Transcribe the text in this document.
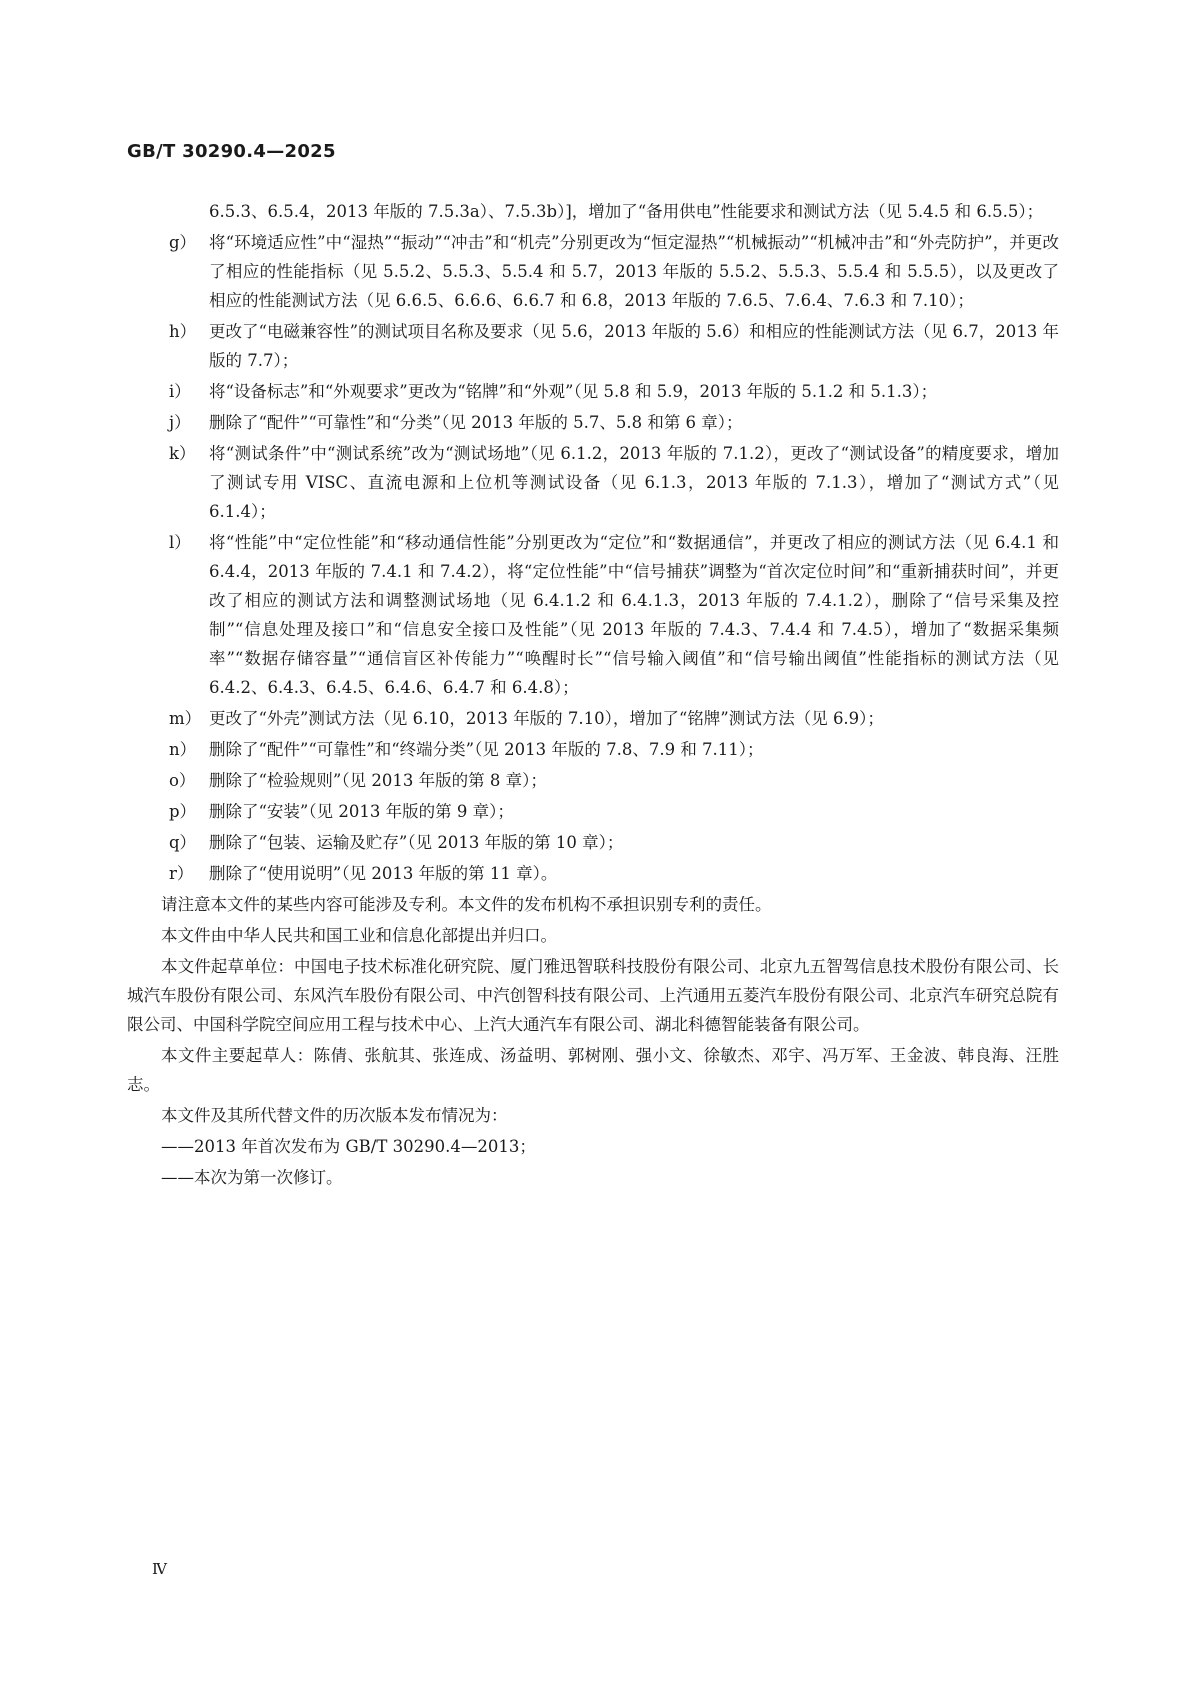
GB/T 30290.4—2025
6.5.3、6.5.4，2013 年版的 7.5.3a）、7.5.3b）]，增加了“备用供电”性能要求和测试方法（见 5.4.5 和 6.5.5）；
g） 将“环境适应性”中“湿热”“振动”“冲击”和“机壳”分别更改为“恒定湿热”“机械振动”“机械冲击”和“外壳防护”，并更改了相应的性能指标（见 5.5.2、5.5.3、5.5.4 和 5.7，2013 年版的 5.5.2、5.5.3、5.5.4 和 5.5.5），以及更改了相应的性能测试方法（见 6.6.5、6.6.6、6.6.7 和 6.8，2013 年版的 7.6.5、7.6.4、7.6.3 和 7.10）；
h） 更改了“电磁兼容性”的测试项目名称及要求（见 5.6，2013 年版的 5.6）和相应的性能测试方法（见 6.7，2013 年版的 7.7）；
i） 将“设备标志”和“外观要求”更改为“铭牌”和“外观”（见 5.8 和 5.9，2013 年版的 5.1.2 和 5.1.3）；
j） 删除了“配件”“可靠性”和“分类”（见 2013 年版的 5.7、5.8 和第 6 章）；
k） 将“测试条件”中“测试系统”改为“测试场地”（见 6.1.2，2013 年版的 7.1.2），更改了“测试设备”的精度要求，增加了测试专用 VISC、直流电源和上位机等测试设备（见 6.1.3，2013 年版的 7.1.3），增加了“测试方式”（见 6.1.4）；
l） 将“性能”中“定位性能”和“移动通信性能”分别更改为“定位”和“数据通信”，并更改了相应的测试方法（见 6.4.1 和 6.4.4，2013 年版的 7.4.1 和 7.4.2），将“定位性能”中“信号捕获”调整为“首次定位时间”和“重新捕获时间”，并更改了相应的测试方法和调整测试场地（见 6.4.1.2 和 6.4.1.3，2013 年版的 7.4.1.2），删除了“信号采集及控制”“信息处理及接口”和“信息安全接口及性能”（见 2013 年版的 7.4.3、7.4.4 和 7.4.5），增加了“数据采集频率”“数据存储容量”“通信盲区补传能力”“唤醒时长”“信号输入阈值”和“信号输出阈值”性能指标的测试方法（见 6.4.2、6.4.3、6.4.5、6.4.6、6.4.7 和 6.4.8）；
m） 更改了“外壳”测试方法（见 6.10，2013 年版的 7.10），增加了“铭牌”测试方法（见 6.9）；
n） 删除了“配件”“可靠性”和“终端分类”（见 2013 年版的 7.8、7.9 和 7.11）；
o） 删除了“检验规则”（见 2013 年版的第 8 章）；
p） 删除了“安装”（见 2013 年版的第 9 章）；
q） 删除了“包装、运输及贮存”（见 2013 年版的第 10 章）；
r） 删除了“使用说明”（见 2013 年版的第 11 章）。
请注意本文件的某些内容可能涉及专利。本文件的发布机构不承担识别专利的责任。
本文件由中华人民共和国工业和信息化部提出并归口。
本文件起草单位：中国电子技术标准化研究院、厦门雅迅智联科技股份有限公司、北京九五智驾信息技术股份有限公司、长城汽车股份有限公司、东风汽车股份有限公司、中汽创智科技有限公司、上汽通用五菱汽车股份有限公司、北京汽车研究总院有限公司、中国科学院空间应用工程与技术中心、上汽大通汽车有限公司、湖北科德智能装备有限公司。
本文件主要起草人：陈倩、张航其、张连成、汤益明、郭树刚、强小文、徐敏杰、邓宇、冯万军、王金波、韩良海、汪胜志。
本文件及其所代替文件的历次版本发布情况为：
——2013 年首次发布为 GB/T 30290.4—2013；
——本次为第一次修订。
Ⅳ
